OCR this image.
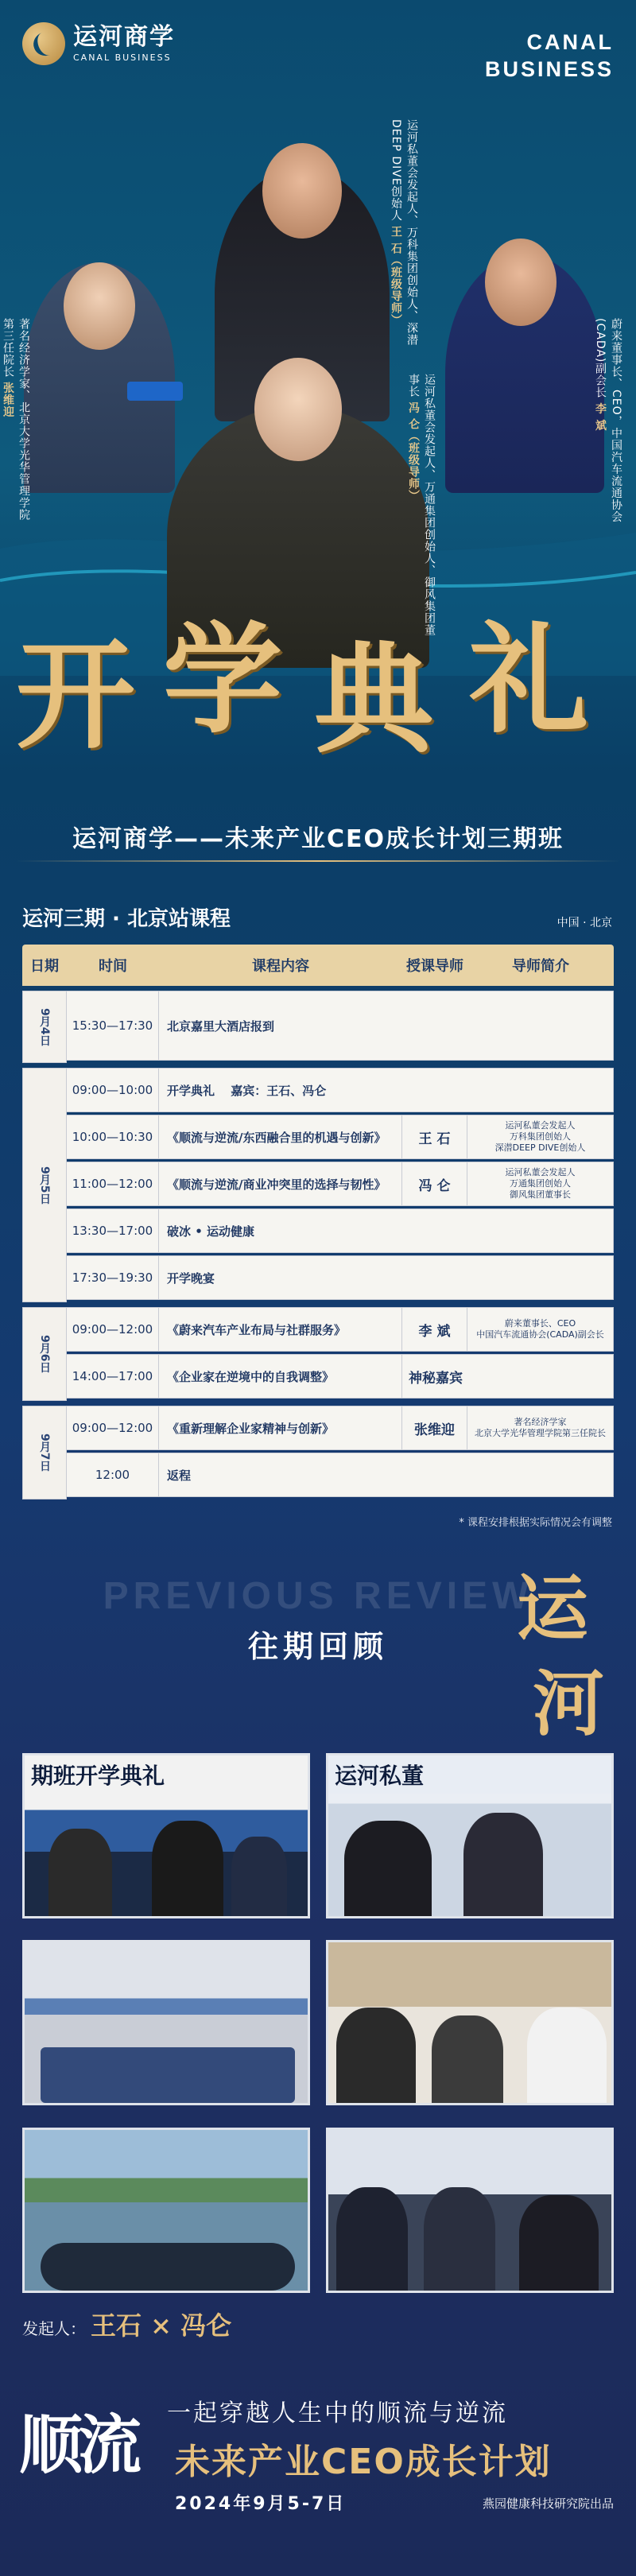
运河商学
CANAL BUSINESS
CANAL
BUSINESS
著名经济学家、北京大学光华管理学院第三任院长 张维迎
运河私董会发起人、万科集团创始人、深潜DEEP DIVE创始人 王 石（班级导师）
运河私董会发起人、万通集团创始人、御风集团董事长 冯 仑（班级导师）	蔚来董事长、CEO，中国汽车流通协会(CADA)副会长 李 斌
开 学 典 礼
运河商学——未来产业CEO成长计划三期班
运河三期 · 北京站课程	中国 · 北京
日期	时间	课程内容	授课导师	导师简介
9月4日	15:30—17:30	北京嘉里大酒店报到
9月5日
09:00—10:00	开学典礼　 嘉宾：王石、冯仑
10:00—10:30	《顺流与逆流/东西融合里的机遇与创新》	王 石
运河私董会发起人
万科集团创始人
深潜DEEP DIVE创始人
11:00—12:00	《顺流与逆流/商业冲突里的选择与韧性》	冯 仑
运河私董会发起人
万通集团创始人
御风集团董事长
13:30—17:00	破冰 • 运动健康
17:30—19:30	开学晚宴
9月6日
09:00—12:00	《蔚来汽车产业布局与社群服务》	李 斌	蔚来董事长、CEO
中国汽车流通协会(CADA)副会长
14:00—17:00	《企业家在逆境中的自我调整》	神秘嘉宾
9月7日
09:00—12:00	《重新理解企业家精神与创新》	张维迎	著名经济学家
北京大学光华管理学院第三任院长
12:00	返程
* 课程安排根据实际情况会有调整
PREVIOUS REVIEW
往期回顾	运
河
期班开学典礼	运河私董
发起人： 王石 × 冯仑
顺流	一起穿越人生中的顺流与逆流
未来产业CEO成长计划
2024年9月5-7日	燕园健康科技研究院出品
